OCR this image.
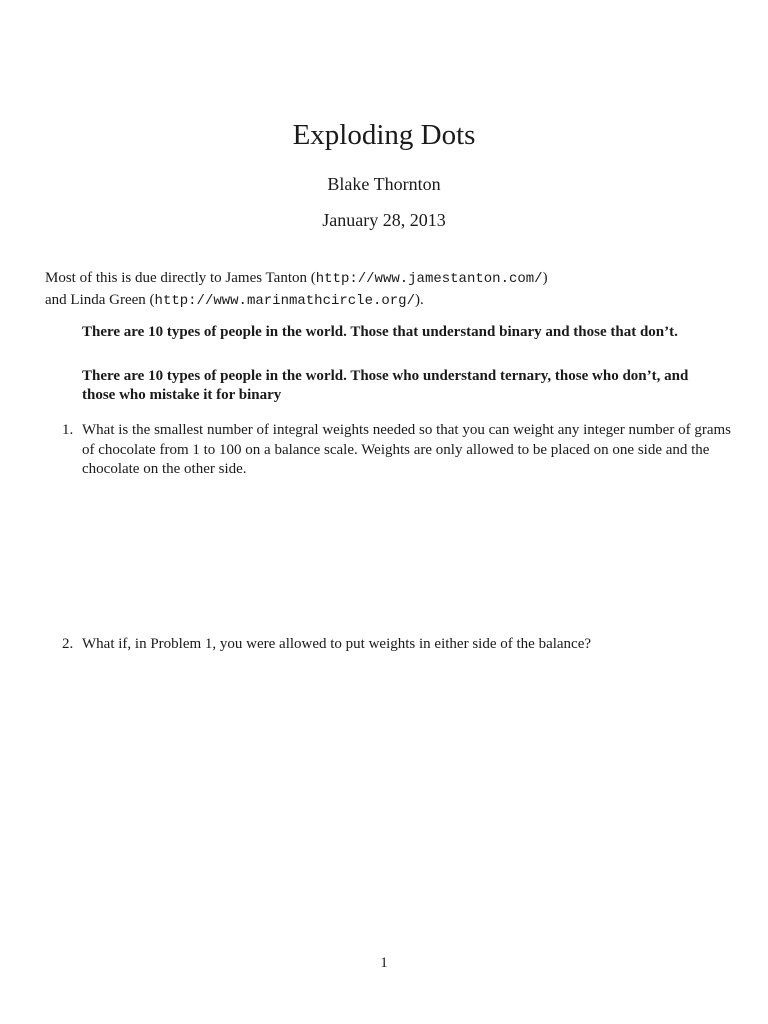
Exploding Dots
Blake Thornton
January 28, 2013
Most of this is due directly to James Tanton (http://www.jamestanton.com/)
and Linda Green (http://www.marinmathcircle.org/).
There are 10 types of people in the world. Those that understand binary and those that don’t.
There are 10 types of people in the world. Those who understand ternary, those who don’t, and those who mistake it for binary
1. What is the smallest number of integral weights needed so that you can weight any integer number of grams of chocolate from 1 to 100 on a balance scale. Weights are only allowed to be placed on one side and the chocolate on the other side.
2. What if, in Problem 1, you were allowed to put weights in either side of the balance?
1
